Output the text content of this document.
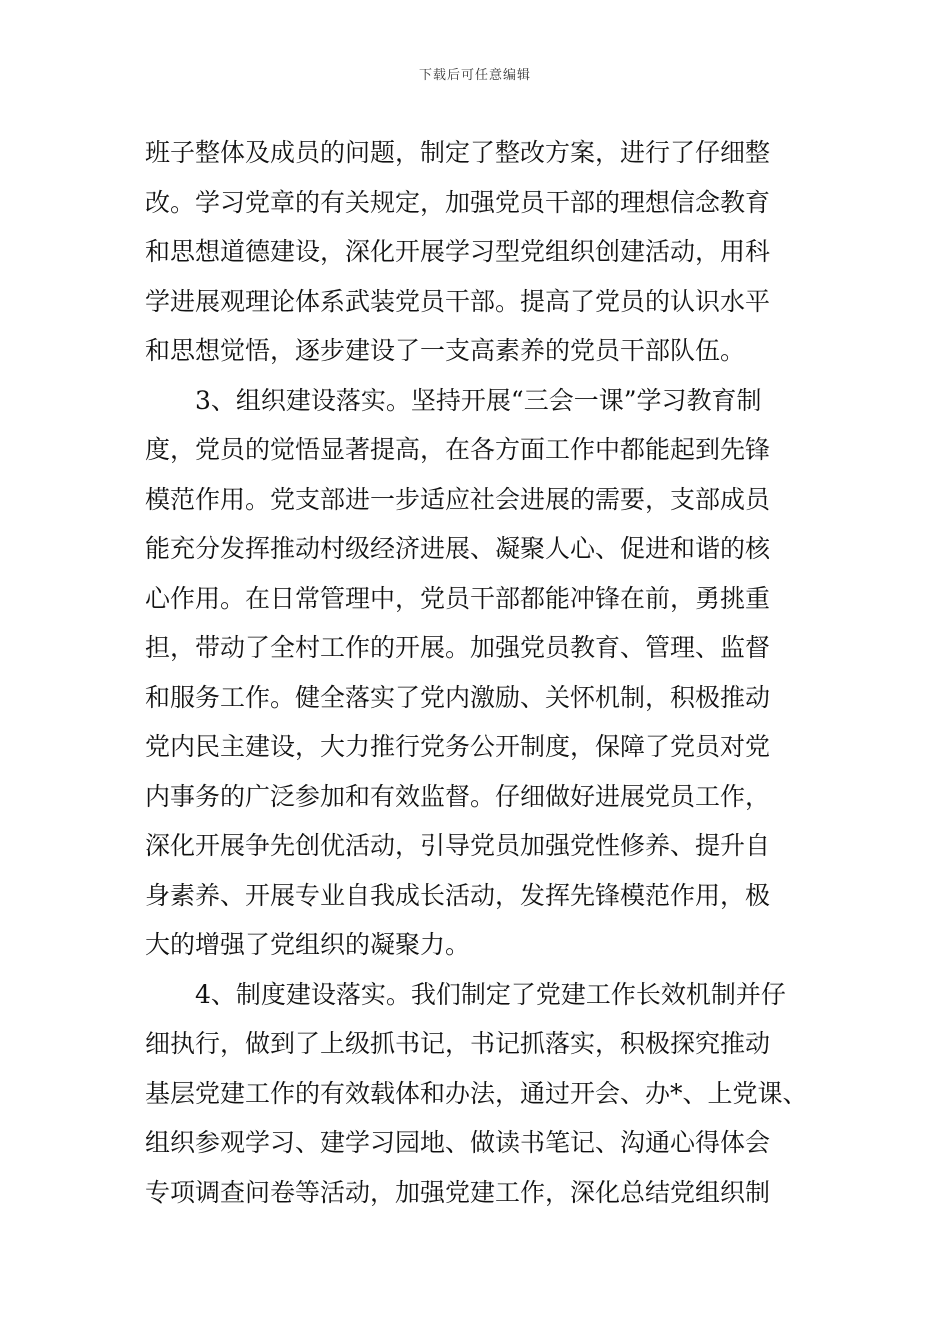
下载后可任意编辑
班子整体及成员的问题，制定了整改方案，进行了仔细整
改。学习党章的有关规定，加强党员干部的理想信念教育
和思想道德建设，深化开展学习型党组织创建活动，用科
学进展观理论体系武装党员干部。提高了党员的认识水平
和思想觉悟，逐步建设了一支高素养的党员干部队伍。
3、组织建设落实。坚持开展“三会一课”学习教育制
度，党员的觉悟显著提高，在各方面工作中都能起到先锋
模范作用。党支部进一步适应社会进展的需要，支部成员
能充分发挥推动村级经济进展、凝聚人心、促进和谐的核
心作用。在日常管理中，党员干部都能冲锋在前，勇挑重
担，带动了全村工作的开展。加强党员教育、管理、监督
和服务工作。健全落实了党内激励、关怀机制，积极推动
党内民主建设，大力推行党务公开制度，保障了党员对党
内事务的广泛参加和有效监督。仔细做好进展党员工作，
深化开展争先创优活动，引导党员加强党性修养、提升自
身素养、开展专业自我成长活动，发挥先锋模范作用，极
大的增强了党组织的凝聚力。
4、制度建设落实。我们制定了党建工作长效机制并仔
细执行，做到了上级抓书记，书记抓落实，积极探究推动
基层党建工作的有效载体和办法，通过开会、办*、上党课、
组织参观学习、建学习园地、做读书笔记、沟通心得体会
专项调查问卷等活动，加强党建工作，深化总结党组织制
